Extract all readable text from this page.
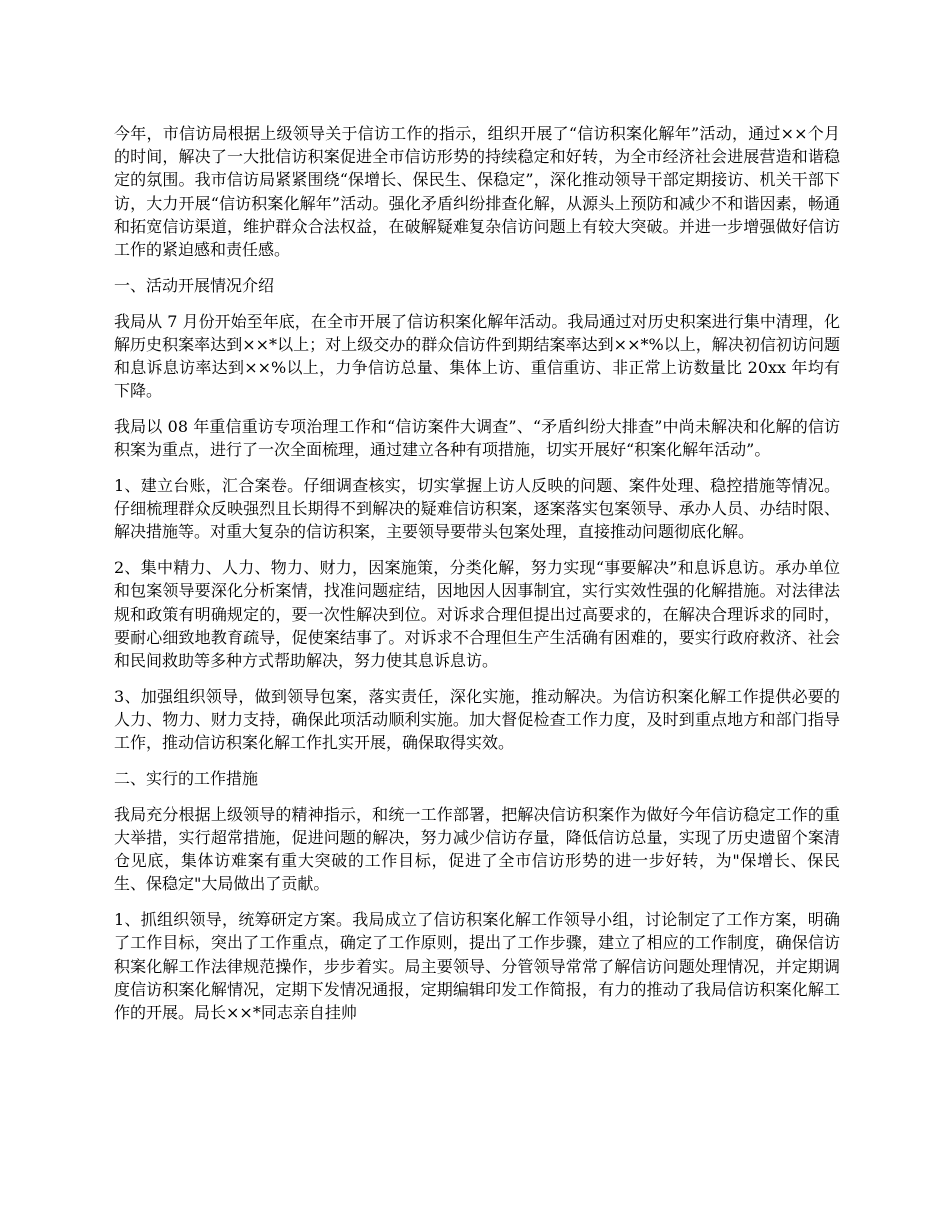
今年，市信访局根据上级领导关于信访工作的指示，组织开展了“信访积案化解年”活动，通过××个月的时间，解决了一大批信访积案促进全市信访形势的持续稳定和好转，为全市经济社会进展营造和谐稳定的氛围。我市信访局紧紧围绕“保增长、保民生、保稳定”，深化推动领导干部定期接访、机关干部下访，大力开展“信访积案化解年”活动。强化矛盾纠纷排查化解，从源头上预防和减少不和谐因素，畅通和拓宽信访渠道，维护群众合法权益，在破解疑难复杂信访问题上有较大突破。并进一步增强做好信访工作的紧迫感和责任感。

一、活动开展情况介绍

我局从 7 月份开始至年底，在全市开展了信访积案化解年活动。我局通过对历史积案进行集中清理，化解历史积案率达到××*以上；对上级交办的群众信访件到期结案率达到××*%以上，解决初信初访问题和息诉息访率达到××%以上，力争信访总量、集体上访、重信重访、非正常上访数量比 20xx 年均有下降。

我局以 08 年重信重访专项治理工作和“信访案件大调查”、“矛盾纠纷大排查”中尚未解决和化解的信访积案为重点，进行了一次全面梳理，通过建立各种有项措施，切实开展好“积案化解年活动”。

1、建立台账，汇合案卷。仔细调查核实，切实掌握上访人反映的问题、案件处理、稳控措施等情况。仔细梳理群众反映强烈且长期得不到解决的疑难信访积案，逐案落实包案领导、承办人员、办结时限、解决措施等。对重大复杂的信访积案，主要领导要带头包案处理，直接推动问题彻底化解。

2、集中精力、人力、物力、财力，因案施策，分类化解，努力实现“事要解决”和息诉息访。承办单位和包案领导要深化分析案情，找准问题症结，因地因人因事制宜，实行实效性强的化解措施。对法律法规和政策有明确规定的，要一次性解决到位。对诉求合理但提出过高要求的，在解决合理诉求的同时，要耐心细致地教育疏导，促使案结事了。对诉求不合理但生产生活确有困难的，要实行政府救济、社会和民间救助等多种方式帮助解决，努力使其息诉息访。

3、加强组织领导，做到领导包案，落实责任，深化实施，推动解决。为信访积案化解工作提供必要的人力、物力、财力支持，确保此项活动顺利实施。加大督促检查工作力度，及时到重点地方和部门指导工作，推动信访积案化解工作扎实开展，确保取得实效。

二、实行的工作措施

我局充分根据上级领导的精神指示，和统一工作部署，把解决信访积案作为做好今年信访稳定工作的重大举措，实行超常措施，促进问题的解决，努力减少信访存量，降低信访总量，实现了历史遗留个案清仓见底，集体访难案有重大突破的工作目标，促进了全市信访形势的进一步好转，为"保增长、保民生、保稳定"大局做出了贡献。

1、抓组织领导，统筹研定方案。我局成立了信访积案化解工作领导小组，讨论制定了工作方案，明确了工作目标，突出了工作重点，确定了工作原则，提出了工作步骤，建立了相应的工作制度，确保信访积案化解工作法律规范操作，步步着实。局主要领导、分管领导常常了解信访问题处理情况，并定期调度信访积案化解情况，定期下发情况通报，定期编辑印发工作简报，有力的推动了我局信访积案化解工作的开展。局长××*同志亲自挂帅
